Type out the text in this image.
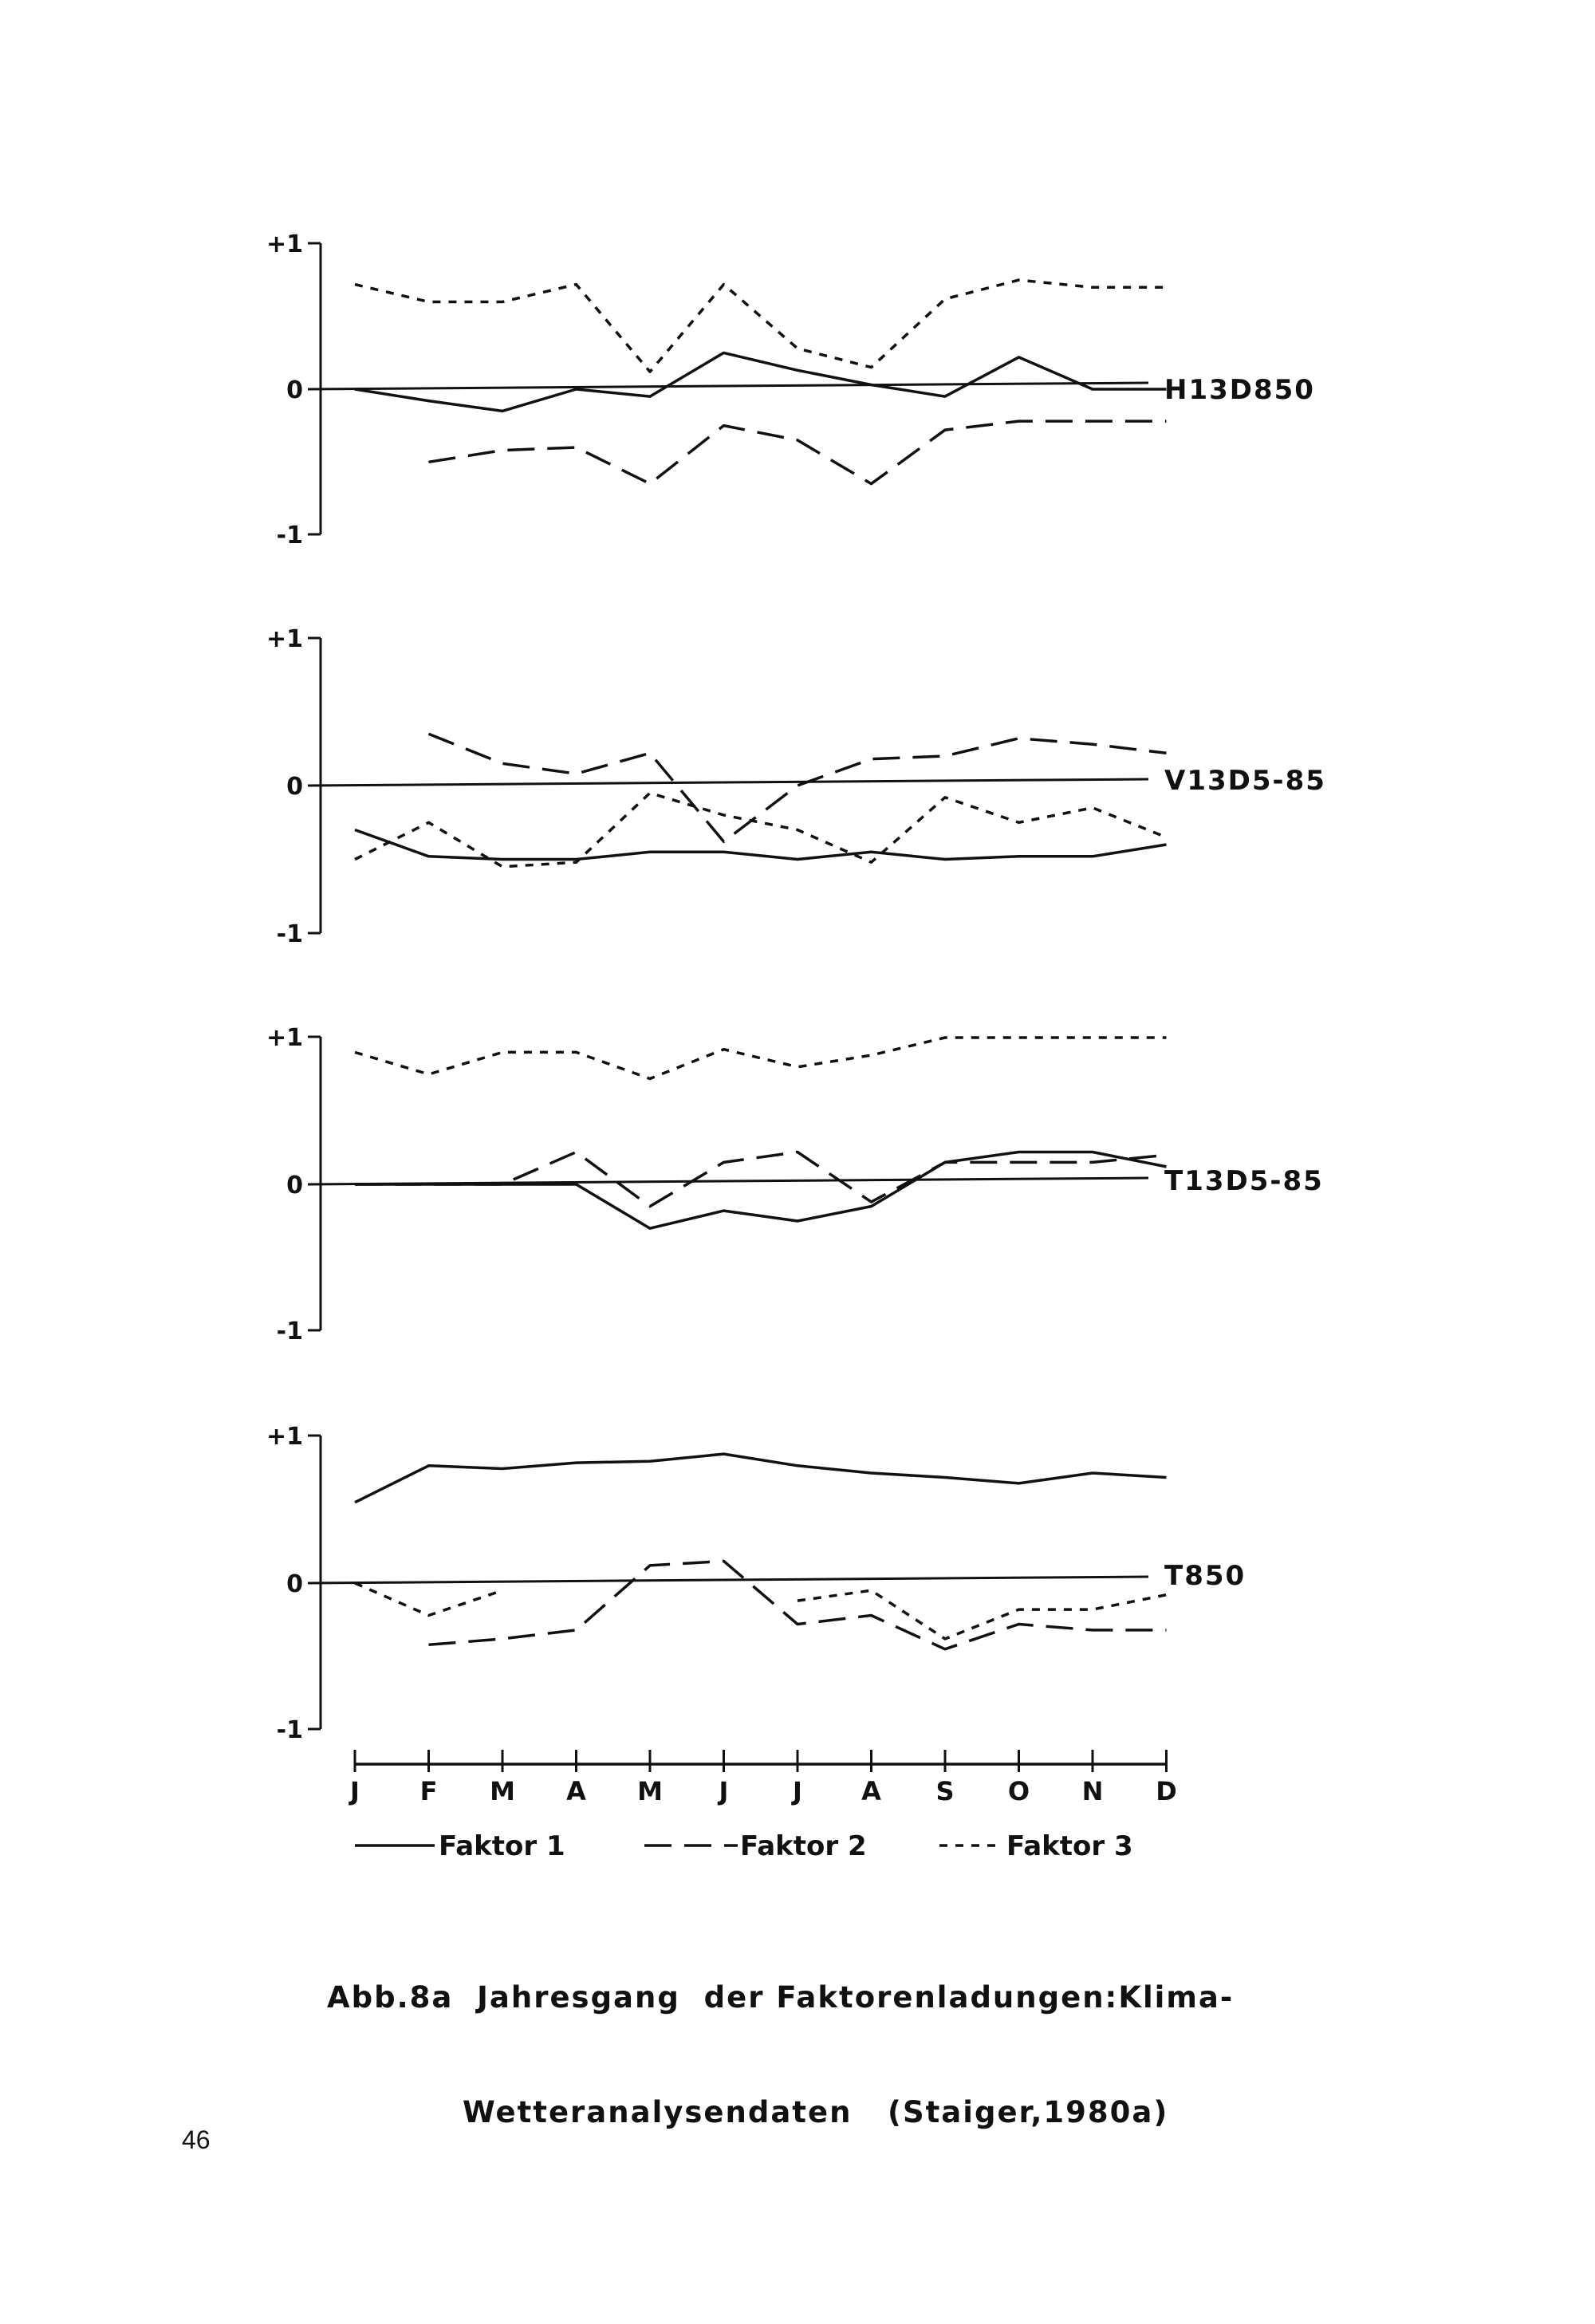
+1
0
-1
H13D850
+1
0
-1
V13D5-85
+1
0
-1
T13D5-85
+1
0
-1
T850
J F M A M J	J A S O N D
Faktor 1	Faktor 2	Faktor 3

Abb.8a  Jahresgang  der Faktorenladungen:Klima-

Wetteranalysendaten   (Staiger,1980a)

46
